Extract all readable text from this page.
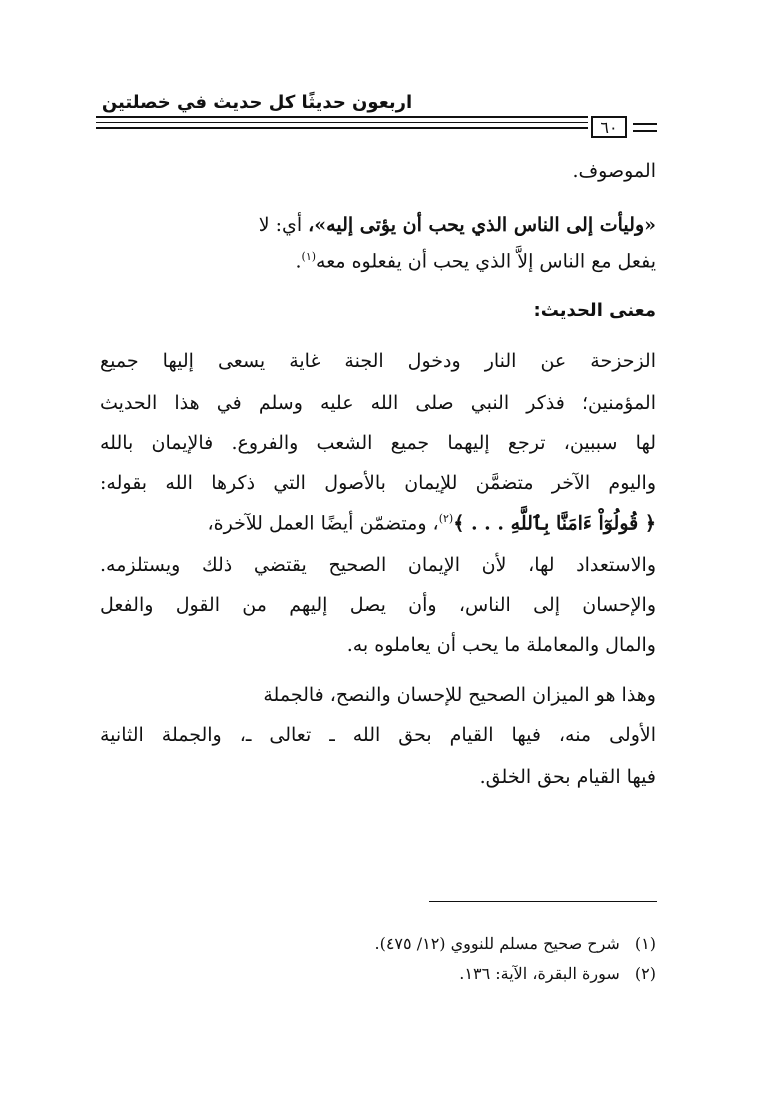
اربعون حديثًا كل حديث في خصلتين
٦٠
الموصوف.
«وليأت إلى الناس الذي يحب أن يؤتى إليه»، أي: لا
يفعل مع الناس إلاَّ الذي يحب أن يفعلوه معه$^{(١)}$.
معنى الحديث:
الزحزحة عن النار ودخول الجنة غاية يسعى إليها جميع
المؤمنين؛ فذكر النبي صلى الله عليه وسلم في هذا الحديث
لها سببين، ترجع إليهما جميع الشعب والفروع. فالإيمان بالله
واليوم الآخر متضمَّن للإيمان بالأصول التي ذكرها الله بقوله:
﴿ قُولُوٓاْ ءَامَنَّا بِٱللَّهِ . . . ﴾$^{(٢)}$، ومتضمّن أيضًا العمل للآخرة،
والاستعداد لها، لأن الإيمان الصحيح يقتضي ذلك ويستلزمه.
والإحسان إلى الناس، وأن يصل إليهم من القول والفعل
والمال والمعاملة ما يحب أن يعاملوه به.
وهذا هو الميزان الصحيح للإحسان والنصح، فالجملة
الأولى منه، فيها القيام بحق الله ـ تعالى ـ، والجملة الثانية
فيها القيام بحق الخلق.
(١) شرح صحيح مسلم للنووي (١٢/ ٤٧٥).
(٢) سورة البقرة، الآية: ١٣٦.
